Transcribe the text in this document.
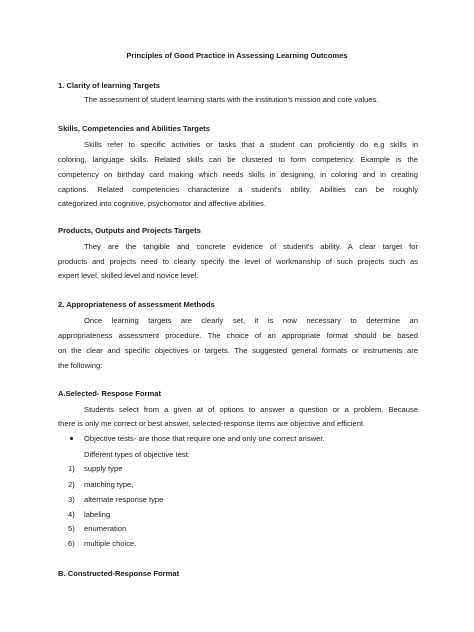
Principles of Good Practice in Assessing Learning Outcomes
1. Clarity of learning Targets
The assessment of student learning starts with the institution's mission and core values.
Skills, Competencies and Abilities Targets
Skills refer to specific activities or tasks that a student can proficiently do e.g skills in
coloring, language skills. Related skills can be clustered to form competency. Example is the
competency on birthday card making which needs skills in designing, in coloring and in creating
captions. Related competencies characterize a student's ability. Abilities can be roughly
categorized into cognitive, psychomotor and affective abilities.
Products, Outputs and Projects Targets
They are the tangible and concrete evidence of student's ability. A clear target for
products and projects need to clearly specify the level of workmanship of such projects such as
expert level, skilled level and novice level.
2. Appropriateness of assessment Methods
Once learning targets are clearly set, it is now necessary to determine an
appropriateness assessment procedure. The choice of an appropriate format should be based
on the clear and specific objectives or targets. The suggested general formats or instruments are
the following:
A.Selected- Respose Format
Students select from a given at of options to answer a question or a problem. Because
there is only me correct or best answer, selected-response items are objective and efficient.
Objective tests- are those that require one and only one correct answer.
Different types of objective test:
1) supply type
2) matching type,
3) alternate response type
4) labeling
5) enumeration
6) multiple choice.
B. Constructed-Response Format
